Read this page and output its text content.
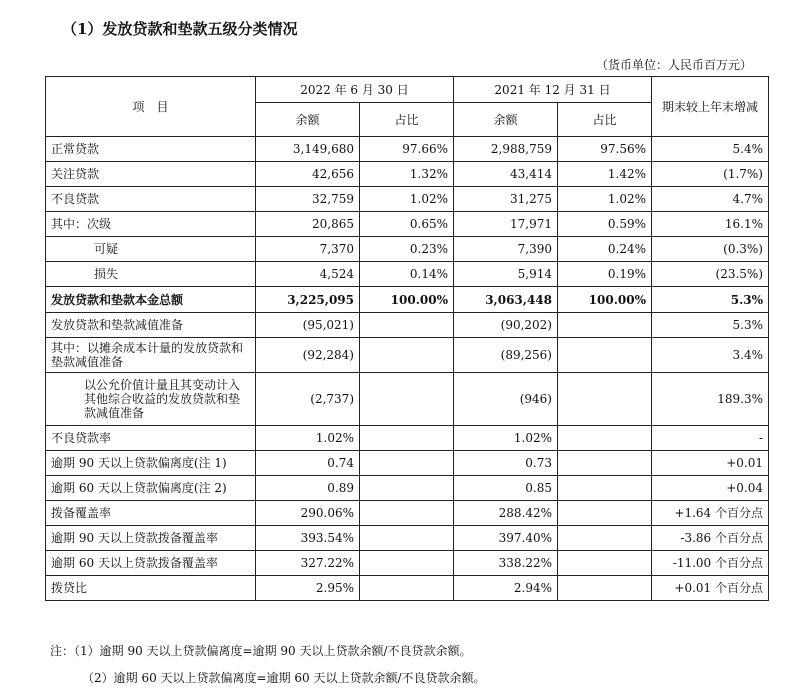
（1）发放贷款和垫款五级分类情况
（货币单位：人民币百万元）
项　目	2022 年 6 月 30 日		2021 年 12 月 31 日		期末较上年末增减
	余额	占比	余额	占比	
正常贷款	3,149,680	97.66%	2,988,759	97.56%	5.4%
关注贷款	42,656	1.32%	43,414	1.42%	(1.7%)
不良贷款	32,759	1.02%	31,275	1.02%	4.7%
其中：次级	20,865	0.65%	17,971	0.59%	16.1%
可疑	7,370	0.23%	7,390	0.24%	(0.3%)
损失	4,524	0.14%	5,914	0.19%	(23.5%)
发放贷款和垫款本金总额	3,225,095	100.00%	3,063,448	100.00%	5.3%
发放贷款和垫款减值准备	(95,021)		(90,202)		5.3%
其中：以摊余成本计量的发放贷款和垫款减值准备	(92,284)		(89,256)		3.4%
以公允价值计量且其变动计入其他综合收益的发放贷款和垫款减值准备	(2,737)		(946)		189.3%
不良贷款率	1.02%		1.02%		-
逾期 90 天以上贷款偏离度(注 1)	0.74		0.73		+0.01
逾期 60 天以上贷款偏离度(注 2)	0.89		0.85		+0.04
拨备覆盖率	290.06%		288.42%		+1.64 个百分点
逾期 90 天以上贷款拨备覆盖率	393.54%		397.40%		-3.86 个百分点
逾期 60 天以上贷款拨备覆盖率	327.22%		338.22%		-11.00 个百分点
拨贷比	2.95%		2.94%		+0.01 个百分点
注：（1）逾期 90 天以上贷款偏离度=逾期 90 天以上贷款余额/不良贷款余额。
（2）逾期 60 天以上贷款偏离度=逾期 60 天以上贷款余额/不良贷款余额。
